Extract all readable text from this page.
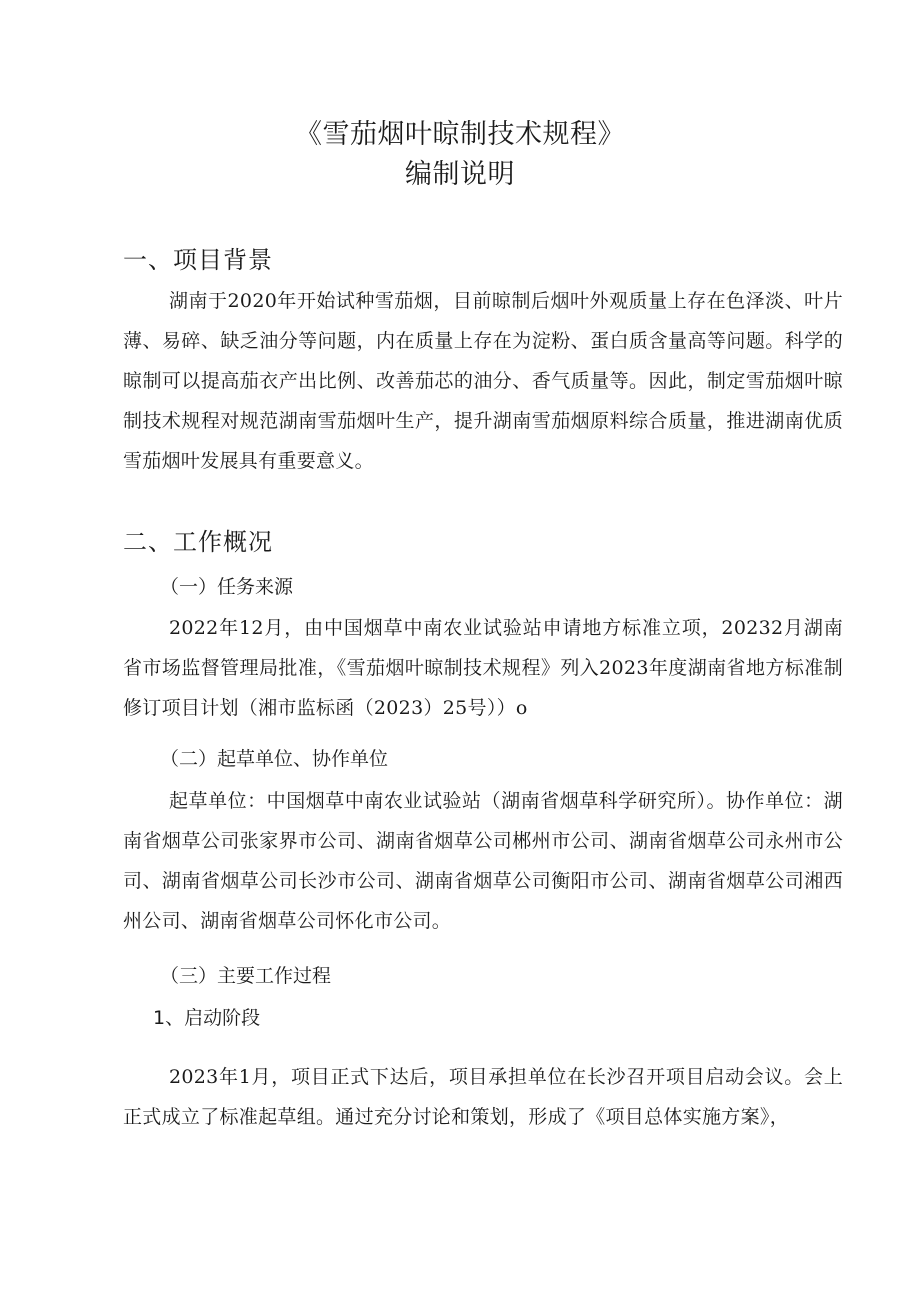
《雪茄烟叶晾制技术规程》
编制说明
一、项目背景
湖南于2020年开始试种雪茄烟，目前晾制后烟叶外观质量上存在色泽淡、叶片薄、易碎、缺乏油分等问题，内在质量上存在为淀粉、蛋白质含量高等问题。科学的晾制可以提高茄衣产出比例、改善茄芯的油分、香气质量等。因此，制定雪茄烟叶晾制技术规程对规范湖南雪茄烟叶生产，提升湖南雪茄烟原料综合质量，推进湖南优质雪茄烟叶发展具有重要意义。
二、工作概况
（一）任务来源
2022年12月，由中国烟草中南农业试验站申请地方标准立项，20232月湖南省市场监督管理局批准，《雪茄烟叶晾制技术规程》列入2023年度湖南省地方标准制修订项目计划（湘市监标函（2023）25号））o
（二）起草单位、协作单位
起草单位：中国烟草中南农业试验站（湖南省烟草科学研究所）。协作单位：湖南省烟草公司张家界市公司、湖南省烟草公司郴州市公司、湖南省烟草公司永州市公司、湖南省烟草公司长沙市公司、湖南省烟草公司衡阳市公司、湖南省烟草公司湘西州公司、湖南省烟草公司怀化市公司。
（三）主要工作过程
1、启动阶段
2023年1月，项目正式下达后，项目承担单位在长沙召开项目启动会议。会上正式成立了标准起草组。通过充分讨论和策划，形成了《项目总体实施方案》，
